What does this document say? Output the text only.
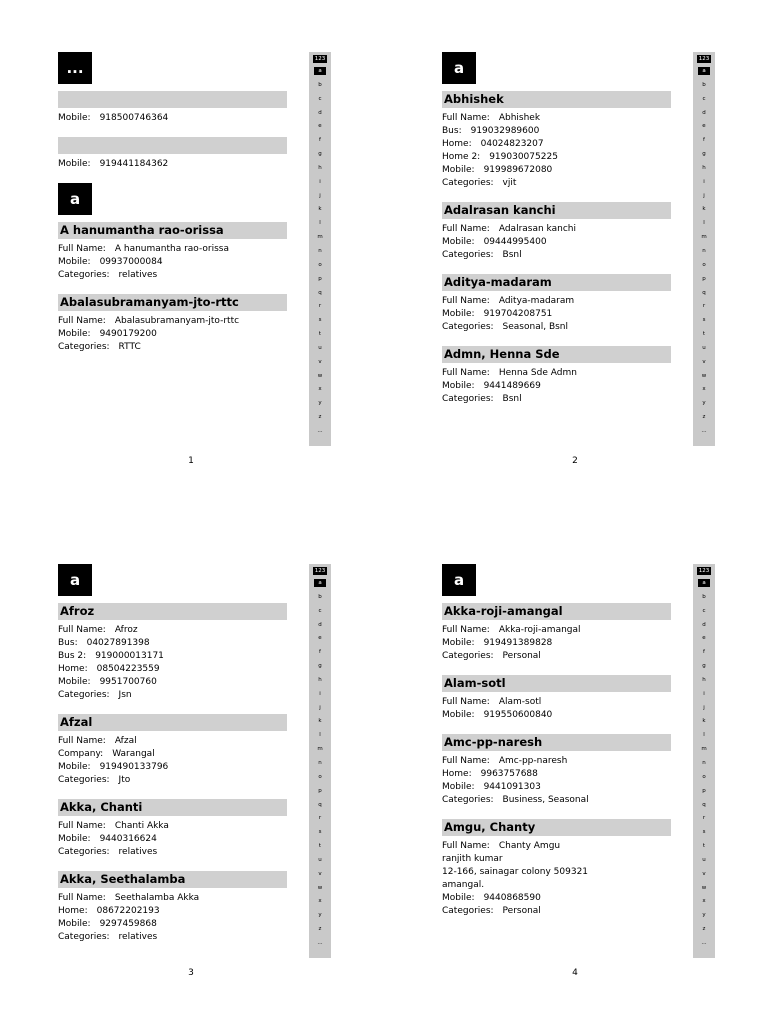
...
Mobile: 918500746364
Mobile: 919441184362
a
A hanumantha rao-orissa
Full Name: A hanumantha rao-orissa
Mobile: 09937000084
Categories: relatives
Abalasubramanyam-jto-rttc
Full Name: Abalasubramanyam-jto-rttc
Mobile: 9490179200
Categories: RTTC
123
a
b
c
d
e
f
g
h
i
j
k
l
m
n
o
p
q
r
s
t
u
v
w
x
y
z
...
1
a
Abhishek
Full Name: Abhishek
Bus: 919032989600
Home: 04024823207
Home 2: 919030075225
Mobile: 919989672080
Categories: vjit
Adalrasan kanchi
Full Name: Adalrasan kanchi
Mobile: 09444995400
Categories: Bsnl
Aditya-madaram
Full Name: Aditya-madaram
Mobile: 919704208751
Categories: Seasonal, Bsnl
Admn, Henna Sde
Full Name: Henna Sde Admn
Mobile: 9441489669
Categories: Bsnl
123
a
b
c
d
e
f
g
h
i
j
k
l
m
n
o
p
q
r
s
t
u
v
w
x
y
z
...
2
a
Afroz
Full Name: Afroz
Bus: 04027891398
Bus 2: 919000013171
Home: 08504223559
Mobile: 9951700760
Categories: Jsn
Afzal
Full Name: Afzal
Company: Warangal
Mobile: 919490133796
Categories: Jto
Akka, Chanti
Full Name: Chanti Akka
Mobile: 9440316624
Categories: relatives
Akka, Seethalamba
Full Name: Seethalamba Akka
Home: 08672202193
Mobile: 9297459868
Categories: relatives
123
a
b
c
d
e
f
g
h
i
j
k
l
m
n
o
p
q
r
s
t
u
v
w
x
y
z
...
3
a
Akka-roji-amangal
Full Name: Akka-roji-amangal
Mobile: 919491389828
Categories: Personal
Alam-sotl
Full Name: Alam-sotl
Mobile: 919550600840
Amc-pp-naresh
Full Name: Amc-pp-naresh
Home: 9963757688
Mobile: 9441091303
Categories: Business, Seasonal
Amgu, Chanty
Full Name: Chanty Amgu
ranjith kumar
12-166, sainagar colony 509321
amangal.
Mobile: 9440868590
Categories: Personal
123
a
b
c
d
e
f
g
h
i
j
k
l
m
n
o
p
q
r
s
t
u
v
w
x
y
z
...
4
